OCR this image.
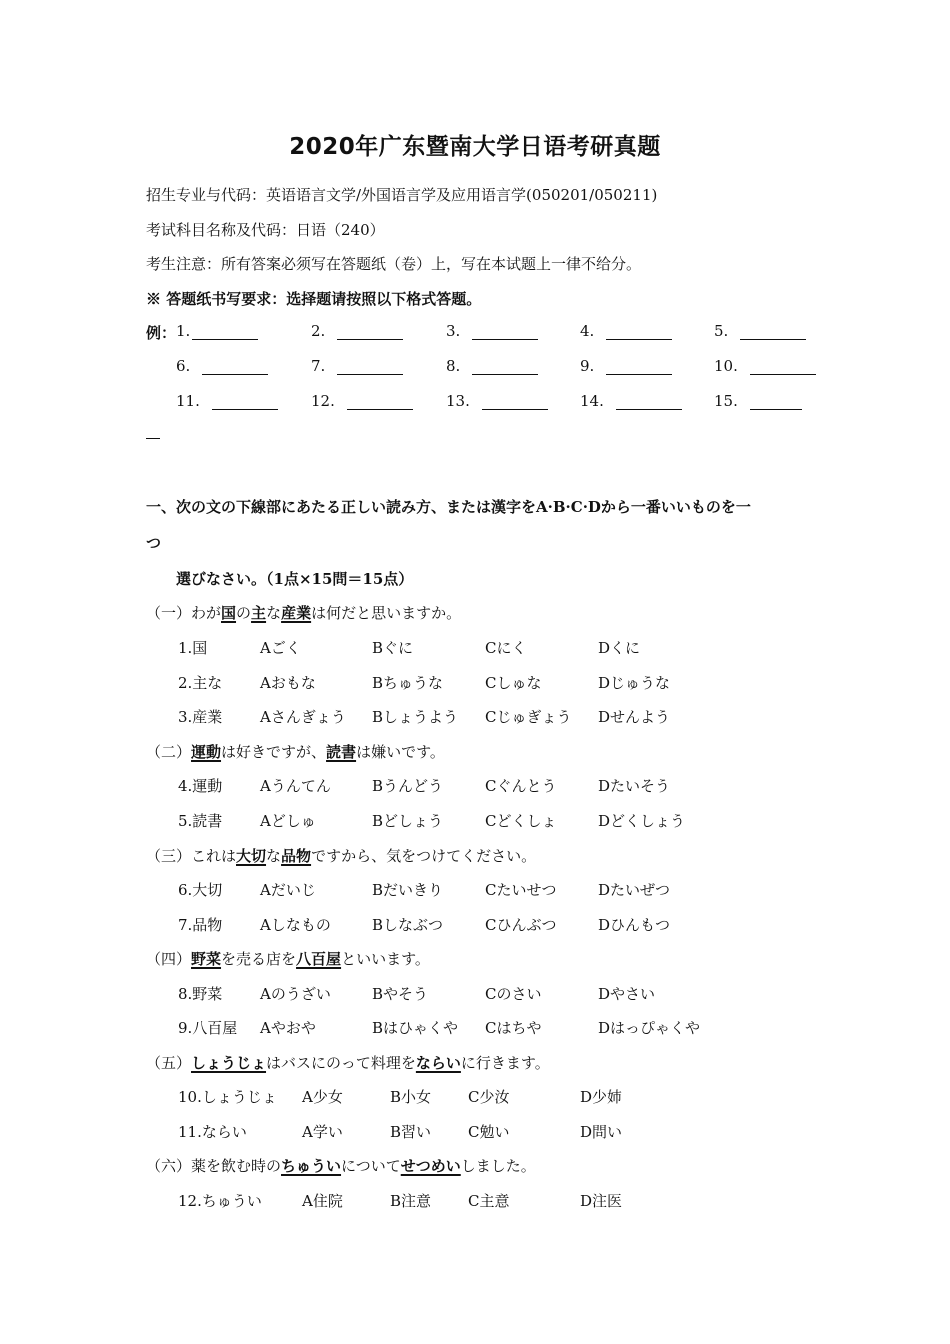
2020年广东暨南大学日语考研真题
招生专业与代码：英语语言文学/外国语言学及应用语言学(050201/050211)
考试科目名称及代码：日语（240）
考生注意：所有答案必须写在答题纸（卷）上，写在本试题上一律不给分。
※ 答题纸书写要求：选择题请按照以下格式答题。
例： 1.	2.	3.	4.	5.
6.	7.	8.	9.	10.
11.	12.	13.	14.	15.
一、次の文の下線部にあたる正しい読み方、または漢字をA·B·C·Dから一番いいものを一
つ
選びなさい。（1点×15問＝15点）
（一）わが国の主な産業は何だと思いますか。
（二）運動は好きですが、読書は嫌いです。
（三）これは大切な品物ですから、気をつけてください。
（四）野菜を売る店を八百屋といいます。
（五）しょうじょはバスにのって料理をならいに行きます。
（六）薬を飲む時のちゅういについてせつめいしました。
1.国	Aごく	Bぐに	Cにく	Dくに
2.主な	Aおもな	Bちゅうな	Cしゅな	Dじゅうな
3.産業	Aさんぎょう Bしょうよう Cじゅぎょう Dせんよう
4.運動	Aうんてん	Bうんどう	Cぐんとう	Dたいそう
5.読書	Aどしゅ	Bどしょう	Cどくしょ	Dどくしょう
6.大切	Aだいじ	Bだいきり	Cたいせつ	Dたいぜつ
7.品物	Aしなもの	Bしなぶつ	Cひんぶつ	Dひんもつ
8.野菜	Aのうざい	Bやそう	Cのさい	Dやさい
9.八百屋 Aやおや	Bはひゃくや Cはちや	Dはっぴゃくや
10.しょうじょ A少女	B小女 C少汝	D少姉
11.ならい	A学い	B習い C勉い	D問い
12.ちゅうい	A住院	B注意 C主意	D注医
